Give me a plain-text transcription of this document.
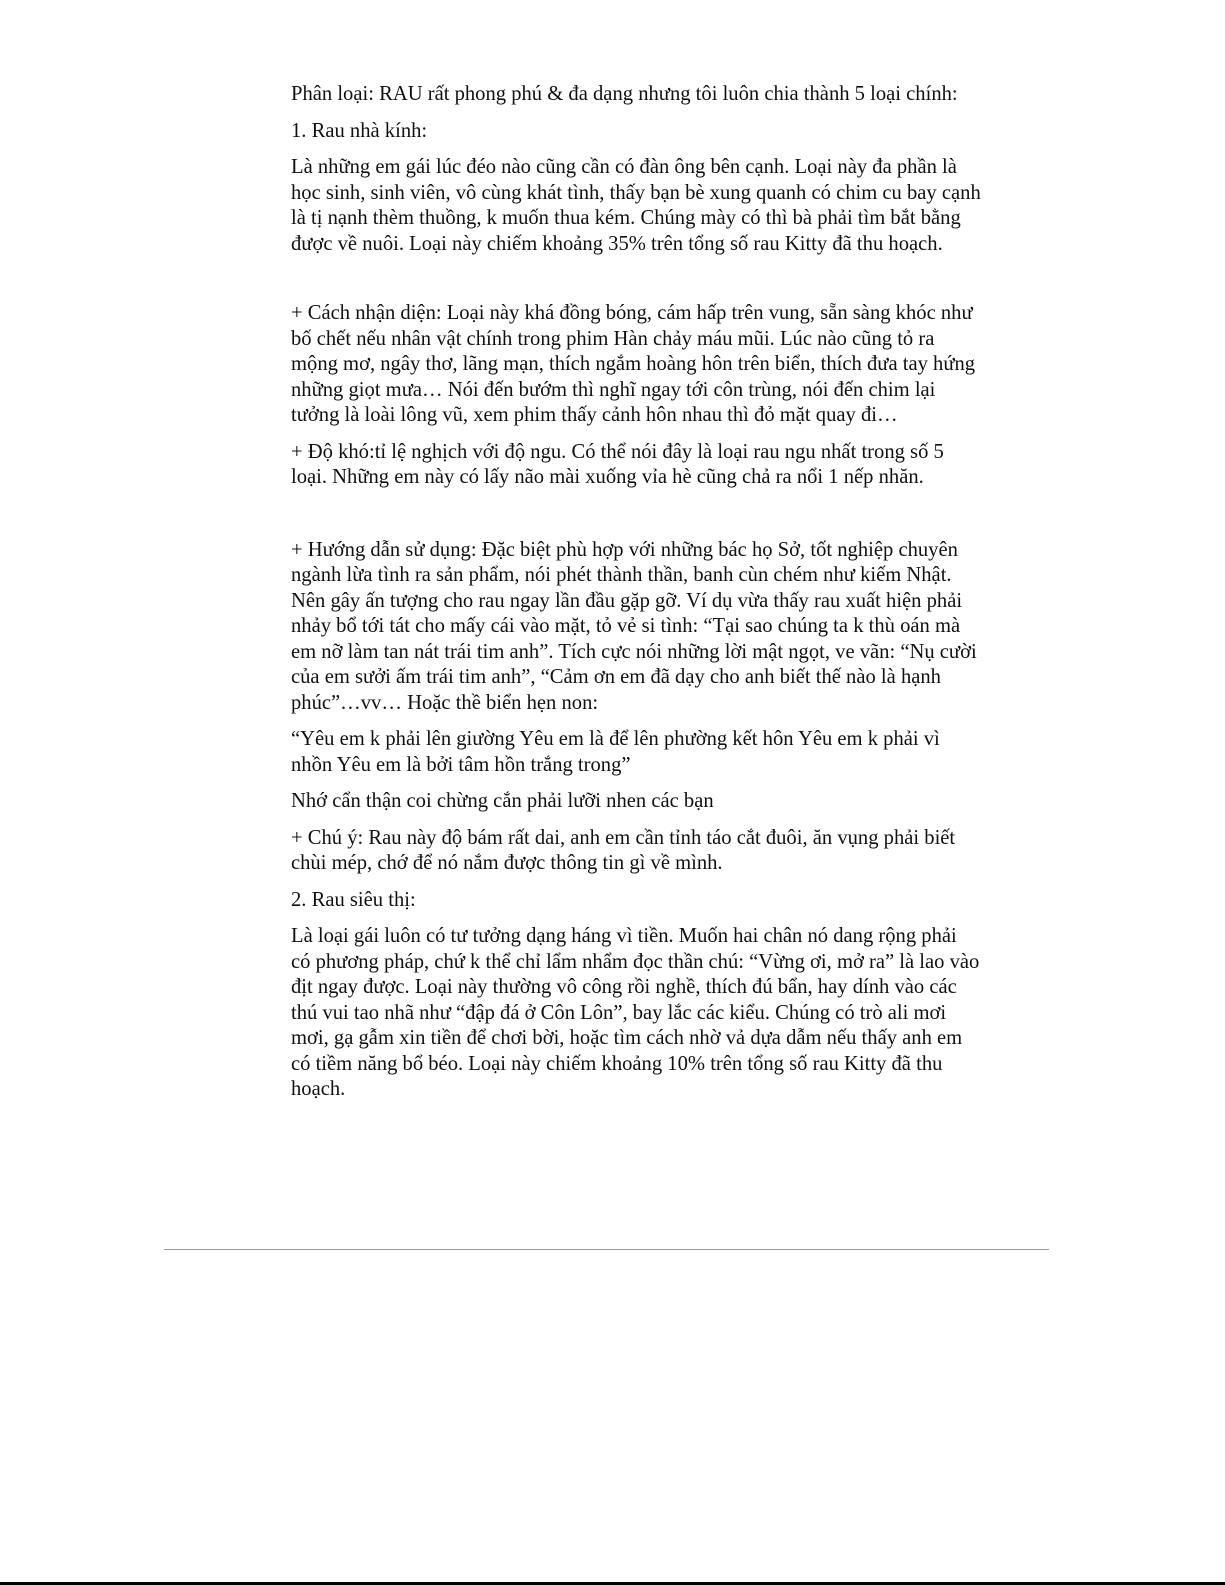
Phân loại: RAU rất phong phú & đa dạng nhưng tôi luôn chia thành 5 loại chính:

1. Rau nhà kính:

Là những em gái lúc đéo nào cũng cần có đàn ông bên cạnh. Loại này đa phần là học sinh, sinh viên, vô cùng khát tình, thấy bạn bè xung quanh có chim cu bay cạnh là tị nạnh thèm thuồng, k muốn thua kém. Chúng mày có thì bà phải tìm bắt bằng được về nuôi. Loại này chiếm khoảng 35% trên tổng số rau Kitty đã thu hoạch.

+ Cách nhận diện: Loại này khá đồng bóng, cám hấp trên vung, sẵn sàng khóc như bố chết nếu nhân vật chính trong phim Hàn chảy máu mũi. Lúc nào cũng tỏ ra mộng mơ, ngây thơ, lãng mạn, thích ngắm hoàng hôn trên biển, thích đưa tay hứng những giọt mưa… Nói đến bướm thì nghĩ ngay tới côn trùng, nói đến chim lại tưởng là loài lông vũ, xem phim thấy cảnh hôn nhau thì đỏ mặt quay đi…

+ Độ khó:tỉ lệ nghịch với độ ngu. Có thể nói đây là loại rau ngu nhất trong số 5 loại. Những em này có lấy não mài xuống vỉa hè cũng chả ra nổi 1 nếp nhăn.

+ Hướng dẫn sử dụng: Đặc biệt phù hợp với những bác họ Sở, tốt nghiệp chuyên ngành lừa tình ra sản phẩm, nói phét thành thần, banh cùn chém như kiếm Nhật. Nên gây ấn tượng cho rau ngay lần đầu gặp gỡ. Ví dụ vừa thấy rau xuất hiện phải nhảy bổ tới tát cho mấy cái vào mặt, tỏ vẻ si tình: “Tại sao chúng ta k thù oán mà em nỡ làm tan nát trái tim anh”. Tích cực nói những lời mật ngọt, ve vãn: “Nụ cười của em sưởi ấm trái tim anh”, “Cảm ơn em đã dạy cho anh biết thế nào là hạnh phúc”…vv… Hoặc thề biển hẹn non:

“Yêu em k phải lên giường Yêu em là để lên phường kết hôn Yêu em k phải vì nhồn Yêu em là bởi tâm hồn trắng trong”

Nhớ cẩn thận coi chừng cắn phải lưỡi nhen các bạn

+ Chú ý: Rau này độ bám rất dai, anh em cần tỉnh táo cắt đuôi, ăn vụng phải biết chùi mép, chớ để nó nắm được thông tin gì về mình.

2. Rau siêu thị:

Là loại gái luôn có tư tưởng dạng háng vì tiền. Muốn hai chân nó dang rộng phải có phương pháp, chứ k thể chỉ lẩm nhẩm đọc thần chú: “Vừng ơi, mở ra” là lao vào địt ngay được. Loại này thường vô công rồi nghề, thích đú bẩn, hay dính vào các thú vui tao nhã như “đập đá ở Côn Lôn”, bay lắc các kiểu. Chúng có trò ali mơi mơi, gạ gẫm xin tiền để chơi bời, hoặc tìm cách nhờ vả dựa dẫm nếu thấy anh em có tiềm năng bổ béo. Loại này chiếm khoảng 10% trên tổng số rau Kitty đã thu hoạch.
